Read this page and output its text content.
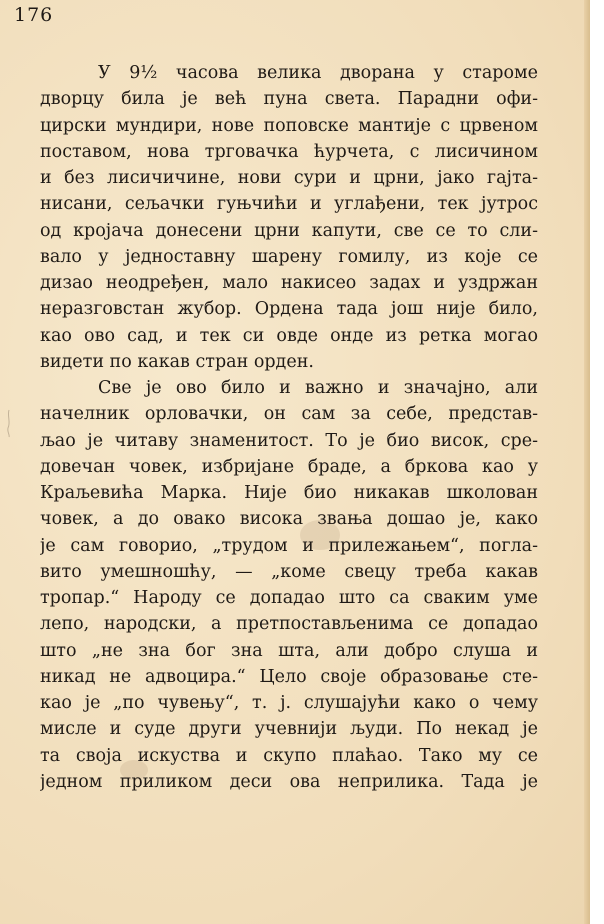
176
У 9½ часова велика дворана у староме
дворцу била је већ пуна света. Парадни офи-
цирски мундири, нове поповске мантије с црвеном
поставом, нова трговачка ћурчета, с лисичином
и без лисичичине, нови сури и црни, јако гајта-
нисани, сељачки гуњчићи и углађени, тек јутрос
од кројача донесени црни капути, све се то сли-
вало у једноставну шарену гомилу, из које се
дизао неодређен, мало накисео задах и уздржан
неразговстан жубор. Ордена тада још није било,
као ово сад, и тек си овде онде из ретка могао
видети по какав стран орден.
Све је ово било и важно и значајно, али
начелник орловачки, он сам за себе, представ-
љао је читаву знаменитост. То је био висок, сре-
довечан човек, избријане браде, а бркова као у
Краљевића Марка. Није био никакав школован
човек, а до овако висока звања дошао је, како
је сам говорио, „трудом и прилежањем“, погла-
вито умешношћу, — „коме свецу треба какав
тропар.“ Народу се допадао што са сваким уме
лепо, народски, а претпостављенима се допадао
што „не зна бог зна шта, али добро слуша и
никад не адвоцира.“ Цело своје образовање сте-
као је „по чувењу“, т. ј. слушајући како о чему
мисле и суде други учевнији људи. По некад је
та своја искуства и скупо плаћао. Тако му се
једном приликом деси ова неприлика. Тада је
